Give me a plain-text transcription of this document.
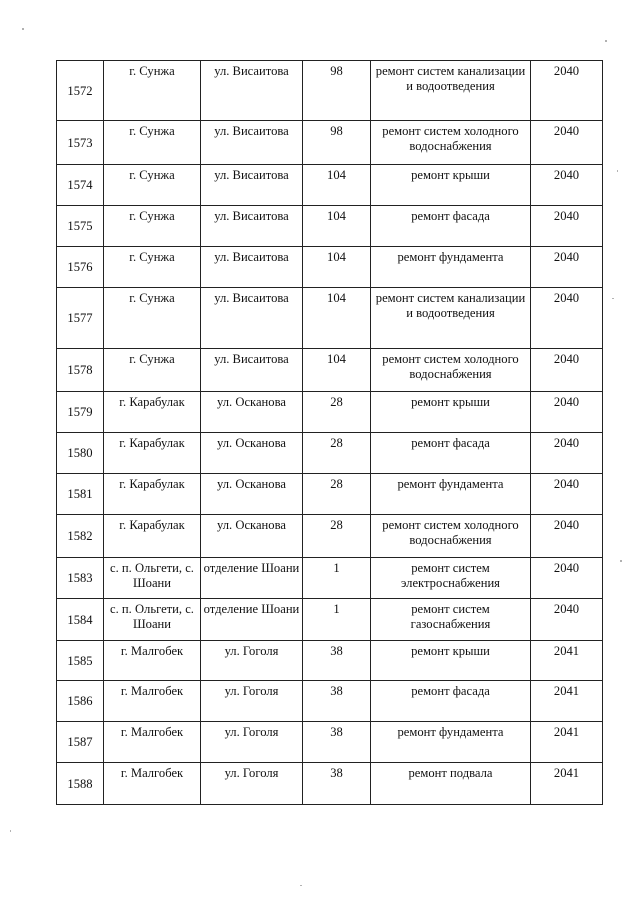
1572	г. Сунжа	ул. Висаитова	98	ремонт систем канализации и водоотведения	2040
1573	г. Сунжа	ул. Висаитова	98	ремонт систем холодного водоснабжения	2040
1574	г. Сунжа	ул. Висаитова	104	ремонт крыши	2040
1575	г. Сунжа	ул. Висаитова	104	ремонт фасада	2040
1576	г. Сунжа	ул. Висаитова	104	ремонт фундамента	2040
1577	г. Сунжа	ул. Висаитова	104	ремонт систем канализации и водоотведения	2040
1578	г. Сунжа	ул. Висаитова	104	ремонт систем холодного водоснабжения	2040
1579	г. Карабулак	ул. Осканова	28	ремонт крыши	2040
1580	г. Карабулак	ул. Осканова	28	ремонт фасада	2040
1581	г. Карабулак	ул. Осканова	28	ремонт фундамента	2040
1582	г. Карабулак	ул. Осканова	28	ремонт систем холодного водоснабжения	2040
1583	с. п. Ольгети, с. Шоани	отделение Шоани	1	ремонт систем электроснабжения	2040
1584	с. п. Ольгети, с. Шоани	отделение Шоани	1	ремонт систем газоснабжения	2040
1585	г. Малгобек	ул. Гоголя	38	ремонт крыши	2041
1586	г. Малгобек	ул. Гоголя	38	ремонт фасада	2041
1587	г. Малгобек	ул. Гоголя	38	ремонт фундамента	2041
1588	г. Малгобек	ул. Гоголя	38	ремонт подвала	2041
